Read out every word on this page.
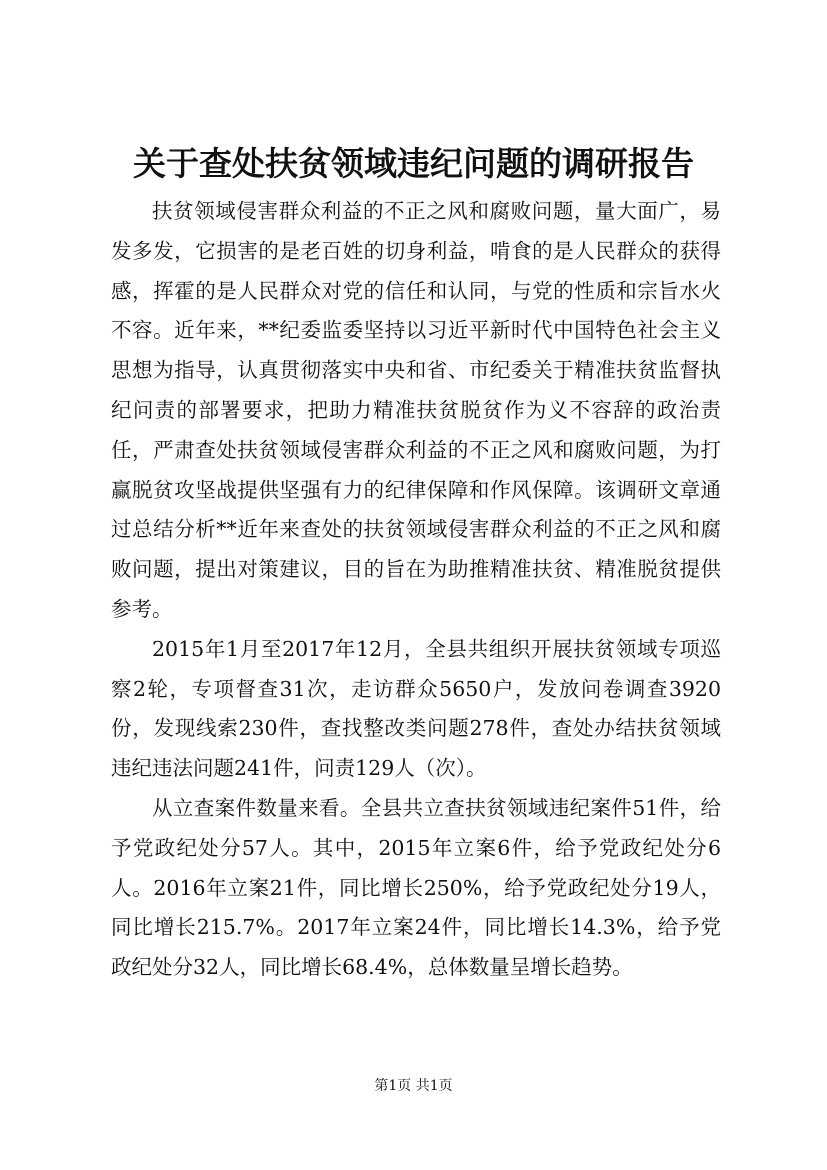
关于查处扶贫领域违纪问题的调研报告

扶贫领域侵害群众利益的不正之风和腐败问题，量大面广，易发多发，它损害的是老百姓的切身利益，啃食的是人民群众的获得感，挥霍的是人民群众对党的信任和认同，与党的性质和宗旨水火不容。近年来，**纪委监委坚持以习近平新时代中国特色社会主义思想为指导，认真贯彻落实中央和省、市纪委关于精准扶贫监督执纪问责的部署要求，把助力精准扶贫脱贫作为义不容辞的政治责任，严肃查处扶贫领域侵害群众利益的不正之风和腐败问题，为打赢脱贫攻坚战提供坚强有力的纪律保障和作风保障。该调研文章通过总结分析**近年来查处的扶贫领域侵害群众利益的不正之风和腐败问题，提出对策建议，目的旨在为助推精准扶贫、精准脱贫提供参考。

2015年1月至2017年12月，全县共组织开展扶贫领域专项巡察2轮，专项督查31次，走访群众5650户，发放问卷调查3920份，发现线索230件，查找整改类问题278件，查处办结扶贫领域违纪违法问题241件，问责129人（次）。

从立查案件数量来看。全县共立查扶贫领域违纪案件51件，给予党政纪处分57人。其中，2015年立案6件，给予党政纪处分6人。2016年立案21件，同比增长250%，给予党政纪处分19人，同比增长215.7%。2017年立案24件，同比增长14.3%，给予党政纪处分32人，同比增长68.4%，总体数量呈增长趋势。

第1页 共1页
